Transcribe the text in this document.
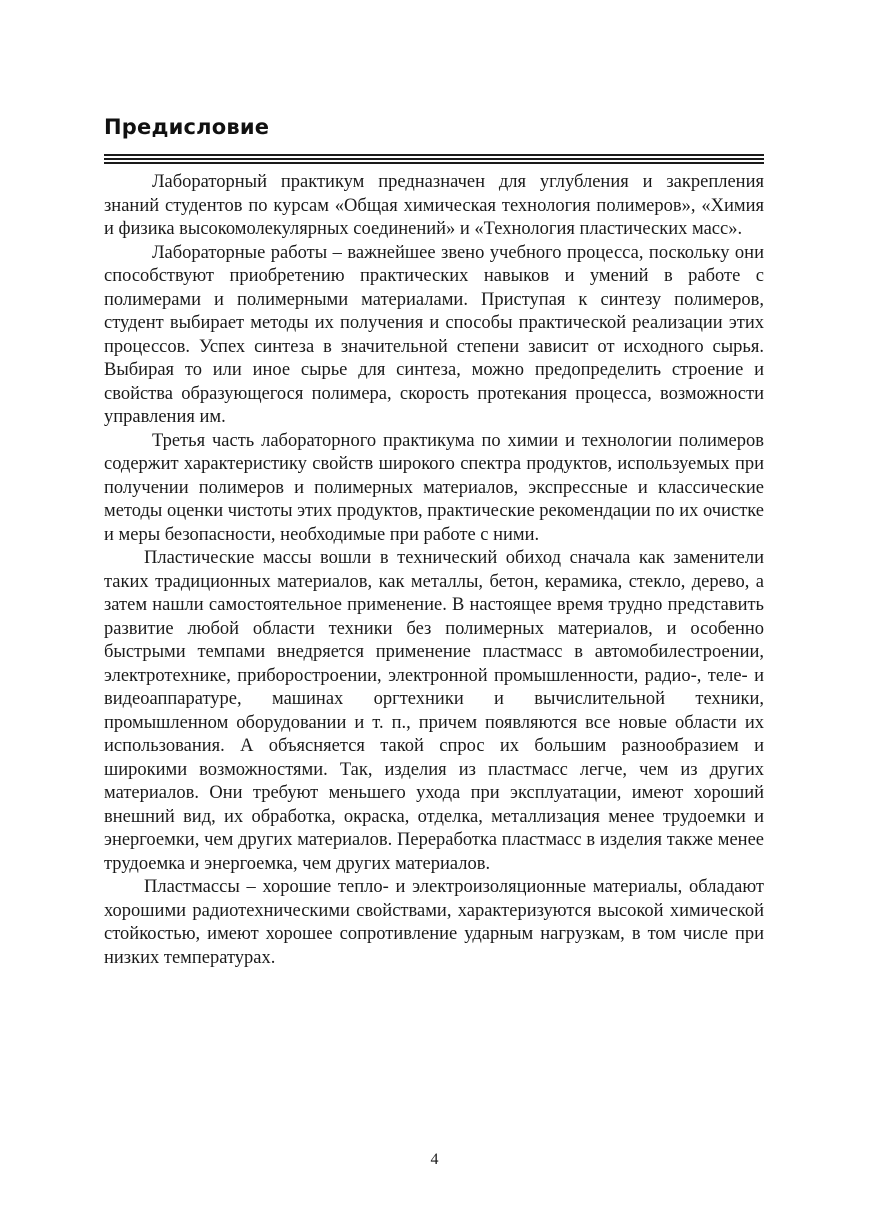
Предисловие

Лабораторный практикум предназначен для углубления и закрепления знаний студентов по курсам «Общая химическая технология полимеров», «Химия и физика высокомолекулярных соединений» и «Технология пластических масс».

Лабораторные работы – важнейшее звено учебного процесса, поскольку они способствуют приобретению практических навыков и умений в работе с полимерами и полимерными материалами. Приступая к синтезу полимеров, студент выбирает методы их получения и способы практической реализации этих процессов. Успех синтеза в значительной степени зависит от исходного сырья. Выбирая то или иное сырье для синтеза, можно предопределить строение и свойства образующегося полимера, скорость протекания процесса, возможности управления им.

Третья часть лабораторного практикума по химии и технологии полимеров содержит характеристику свойств широкого спектра продуктов, используемых при получении полимеров и полимерных материалов, экспрессные и классические методы оценки чистоты этих продуктов, практические рекомендации по их очистке и меры безопасности, необходимые при работе с ними.

Пластические массы вошли в технический обиход сначала как заменители таких традиционных материалов, как металлы, бетон, керамика, стекло, дерево, а затем нашли самостоятельное применение. В настоящее время трудно представить развитие любой области техники без полимерных материалов, и особенно быстрыми темпами внедряется применение пластмасс в автомобилестроении, электротехнике, приборостроении, электронной промышленности, радио-, теле- и видеоаппаратуре, машинах оргтехники и вычислительной техники, промышленном оборудовании и т. п., причем появляются все новые области их использования. А объясняется такой спрос их большим разнообразием и широкими возможностями. Так, изделия из пластмасс легче, чем из других материалов. Они требуют меньшего ухода при эксплуатации, имеют хороший внешний вид, их обработка, окраска, отделка, металлизация менее трудоемки и энергоемки, чем других материалов. Переработка пластмасс в изделия также менее трудоемка и энергоемка, чем других материалов.

Пластмассы – хорошие тепло- и электроизоляционные материалы, обладают хорошими радиотехническими свойствами, характеризуются высокой химической стойкостью, имеют хорошее сопротивление ударным нагрузкам, в том числе при низких температурах.

4
